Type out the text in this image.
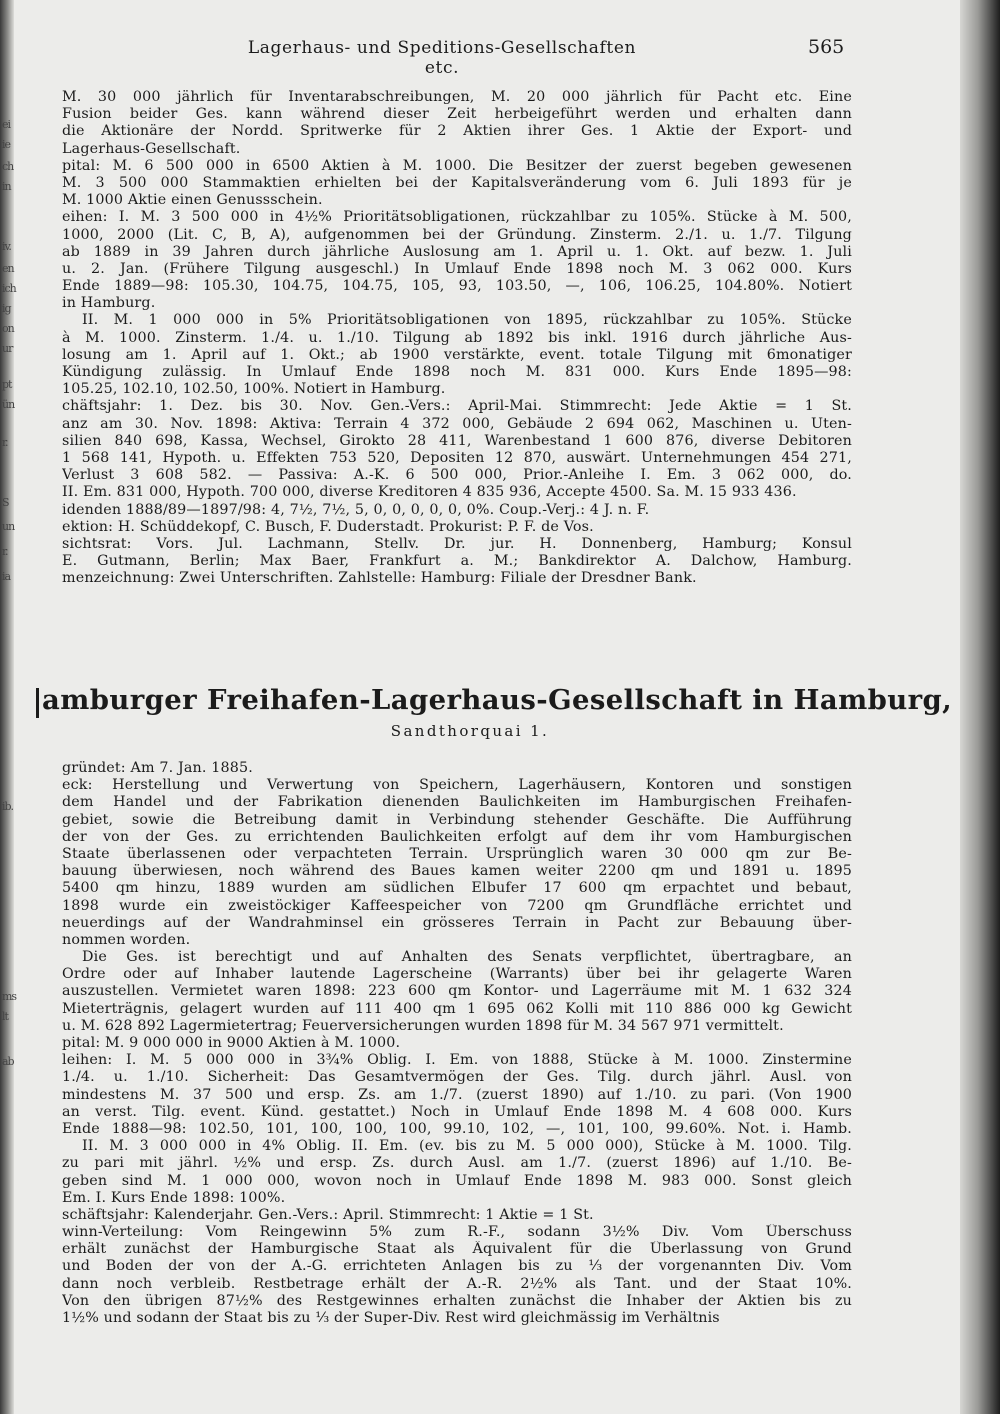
ei
ie
ch
in
iv.
en
ich
ig
on
ur
pt
ün
r.
S
un
r.
ia
ib.
ms
lt
ab
Lagerhaus- und Speditions-Gesellschaften etc.
565
M. 30 000 jährlich für Inventarabschreibungen, M. 20 000 jährlich für Pacht etc. Eine
Fusion beider Ges. kann während dieser Zeit herbeigeführt werden und erhalten dann
die Aktionäre der Nordd. Spritwerke für 2 Aktien ihrer Ges. 1 Aktie der Export- und
Lagerhaus-Gesellschaft.
pital: M. 6 500 000 in 6500 Aktien à M. 1000. Die Besitzer der zuerst begeben gewesenen
M. 3 500 000 Stammaktien erhielten bei der Kapitalsveränderung vom 6. Juli 1893 für je
M. 1000 Aktie einen Genussschein.
eihen: I. M. 3 500 000 in 4½% Prioritätsobligationen, rückzahlbar zu 105%. Stücke à M. 500,
1000, 2000 (Lit. C, B, A), aufgenommen bei der Gründung. Zinsterm. 2./1. u. 1./7. Tilgung
ab 1889 in 39 Jahren durch jährliche Auslosung am 1. April u. 1. Okt. auf bezw. 1. Juli
u. 2. Jan. (Frühere Tilgung ausgeschl.) In Umlauf Ende 1898 noch M. 3 062 000. Kurs
Ende 1889—98: 105.30, 104.75, 104.75, 105, 93, 103.50, —, 106, 106.25, 104.80%. Notiert
in Hamburg.
II. M. 1 000 000 in 5% Prioritätsobligationen von 1895, rückzahlbar zu 105%. Stücke
à M. 1000. Zinsterm. 1./4. u. 1./10. Tilgung ab 1892 bis inkl. 1916 durch jährliche Aus-
losung am 1. April auf 1. Okt.; ab 1900 verstärkte, event. totale Tilgung mit 6monatiger
Kündigung zulässig. In Umlauf Ende 1898 noch M. 831 000. Kurs Ende 1895—98:
105.25, 102.10, 102.50, 100%. Notiert in Hamburg.
chäftsjahr: 1. Dez. bis 30. Nov. Gen.-Vers.: April-Mai. Stimmrecht: Jede Aktie = 1 St.
anz am 30. Nov. 1898: Aktiva: Terrain 4 372 000, Gebäude 2 694 062, Maschinen u. Uten-
silien 840 698, Kassa, Wechsel, Girokto 28 411, Warenbestand 1 600 876, diverse Debitoren
1 568 141, Hypoth. u. Effekten 753 520, Depositen 12 870, auswärt. Unternehmungen 454 271,
Verlust 3 608 582. — Passiva: A.-K. 6 500 000, Prior.-Anleihe I. Em. 3 062 000, do.
II. Em. 831 000, Hypoth. 700 000, diverse Kreditoren 4 835 936, Accepte 4500. Sa. M. 15 933 436.
idenden 1888/89—1897/98: 4, 7½, 7½, 5, 0, 0, 0, 0, 0, 0%. Coup.-Verj.: 4 J. n. F.
ektion: H. Schüddekopf, C. Busch, F. Duderstadt. Prokurist: P. F. de Vos.
sichtsrat: Vors. Jul. Lachmann, Stellv. Dr. jur. H. Donnenberg, Hamburg; Konsul
E. Gutmann, Berlin; Max Baer, Frankfurt a. M.; Bankdirektor A. Dalchow, Hamburg.
menzeichnung: Zwei Unterschriften. Zahlstelle: Hamburg: Filiale der Dresdner Bank.
amburger Freihafen-Lagerhaus-Gesellschaft in Hamburg,
Sandthorquai 1.
gründet: Am 7. Jan. 1885.
eck: Herstellung und Verwertung von Speichern, Lagerhäusern, Kontoren und sonstigen
dem Handel und der Fabrikation dienenden Baulichkeiten im Hamburgischen Freihafen-
gebiet, sowie die Betreibung damit in Verbindung stehender Geschäfte. Die Aufführung
der von der Ges. zu errichtenden Baulichkeiten erfolgt auf dem ihr vom Hamburgischen
Staate überlassenen oder verpachteten Terrain. Ursprünglich waren 30 000 qm zur Be-
bauung überwiesen, noch während des Baues kamen weiter 2200 qm und 1891 u. 1895
5400 qm hinzu, 1889 wurden am südlichen Elbufer 17 600 qm erpachtet und bebaut,
1898 wurde ein zweistöckiger Kaffeespeicher von 7200 qm Grundfläche errichtet und
neuerdings auf der Wandrahminsel ein grösseres Terrain in Pacht zur Bebauung über-
nommen worden.
Die Ges. ist berechtigt und auf Anhalten des Senats verpflichtet, übertragbare, an
Ordre oder auf Inhaber lautende Lagerscheine (Warrants) über bei ihr gelagerte Waren
auszustellen. Vermietet waren 1898: 223 600 qm Kontor- und Lagerräume mit M. 1 632 324
Mieterträgnis, gelagert wurden auf 111 400 qm 1 695 062 Kolli mit 110 886 000 kg Gewicht
u. M. 628 892 Lagermietertrag; Feuerversicherungen wurden 1898 für M. 34 567 971 vermittelt.
pital: M. 9 000 000 in 9000 Aktien à M. 1000.
leihen: I. M. 5 000 000 in 3¾% Oblig. I. Em. von 1888, Stücke à M. 1000. Zinstermine
1./4. u. 1./10. Sicherheit: Das Gesamtvermögen der Ges. Tilg. durch jährl. Ausl. von
mindestens M. 37 500 und ersp. Zs. am 1./7. (zuerst 1890) auf 1./10. zu pari. (Von 1900
an verst. Tilg. event. Künd. gestattet.) Noch in Umlauf Ende 1898 M. 4 608 000. Kurs
Ende 1888—98: 102.50, 101, 100, 100, 100, 99.10, 102, —, 101, 100, 99.60%. Not. i. Hamb.
II. M. 3 000 000 in 4% Oblig. II. Em. (ev. bis zu M. 5 000 000), Stücke à M. 1000. Tilg.
zu pari mit jährl. ½% und ersp. Zs. durch Ausl. am 1./7. (zuerst 1896) auf 1./10. Be-
geben sind M. 1 000 000, wovon noch in Umlauf Ende 1898 M. 983 000. Sonst gleich
Em. I. Kurs Ende 1898: 100%.
schäftsjahr: Kalenderjahr. Gen.-Vers.: April. Stimmrecht: 1 Aktie = 1 St.
winn-Verteilung: Vom Reingewinn 5% zum R.-F., sodann 3½% Div. Vom Überschuss
erhält zunächst der Hamburgische Staat als Äquivalent für die Überlassung von Grund
und Boden der von der A.-G. errichteten Anlagen bis zu ⅓ der vorgenannten Div. Vom
dann noch verbleib. Restbetrage erhält der A.-R. 2½% als Tant. und der Staat 10%.
Von den übrigen 87½% des Restgewinnes erhalten zunächst die Inhaber der Aktien bis zu
1½% und sodann der Staat bis zu ⅓ der Super-Div. Rest wird gleichmässig im Verhältnis
